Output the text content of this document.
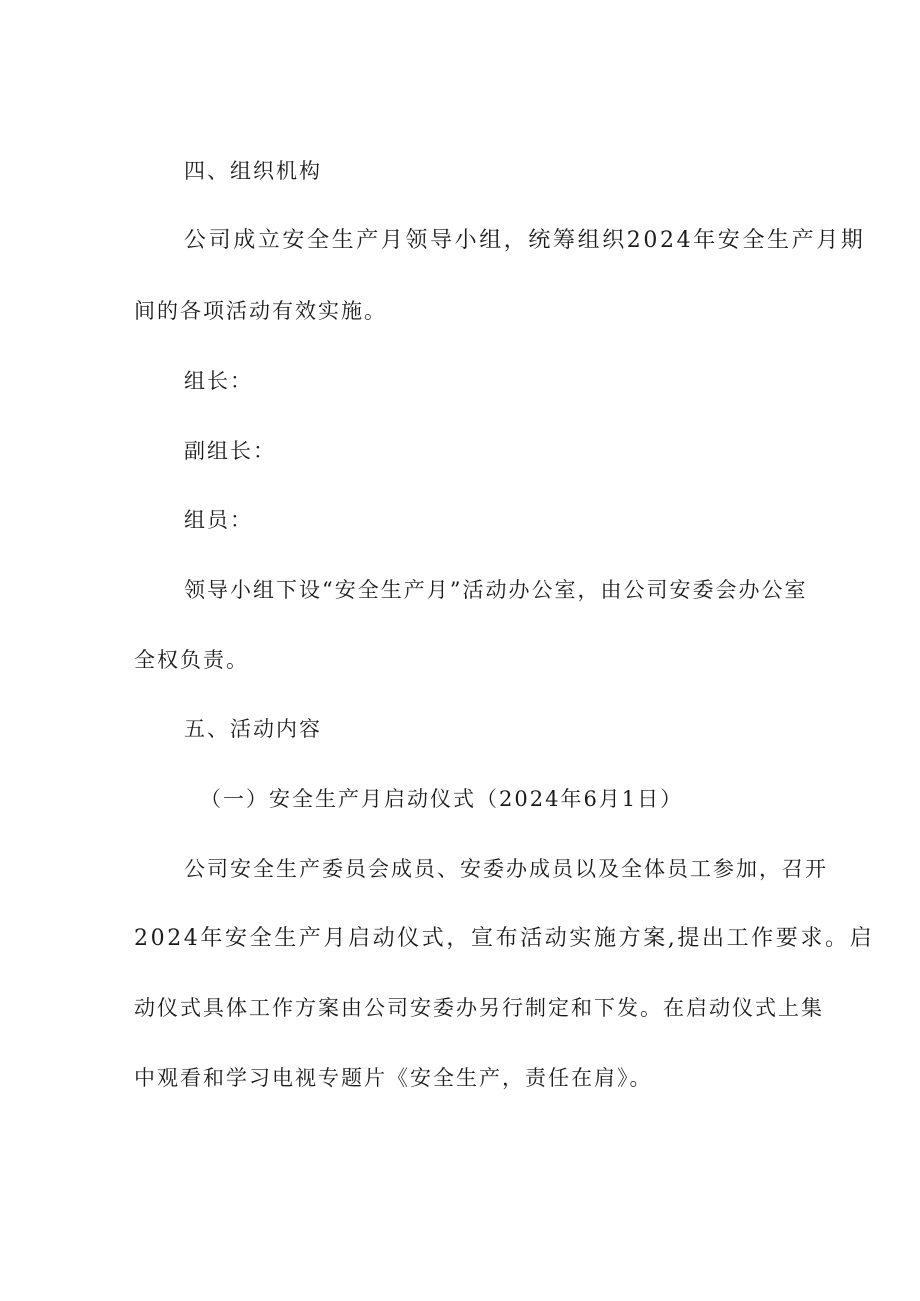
四、组织机构
公司成立安全生产月领导小组，统筹组织2024年安全生产月期
间的各项活动有效实施。
组长：
副组长：
组员：
领导小组下设“安全生产月”活动办公室，由公司安委会办公室
全权负责。
五、活动内容
（一）安全生产月启动仪式（2024年6月1日）
公司安全生产委员会成员、安委办成员以及全体员工参加，召开
2024年安全生产月启动仪式，宣布活动实施方案,提出工作要求。启
动仪式具体工作方案由公司安委办另行制定和下发。在启动仪式上集
中观看和学习电视专题片《安全生产，责任在肩》。
